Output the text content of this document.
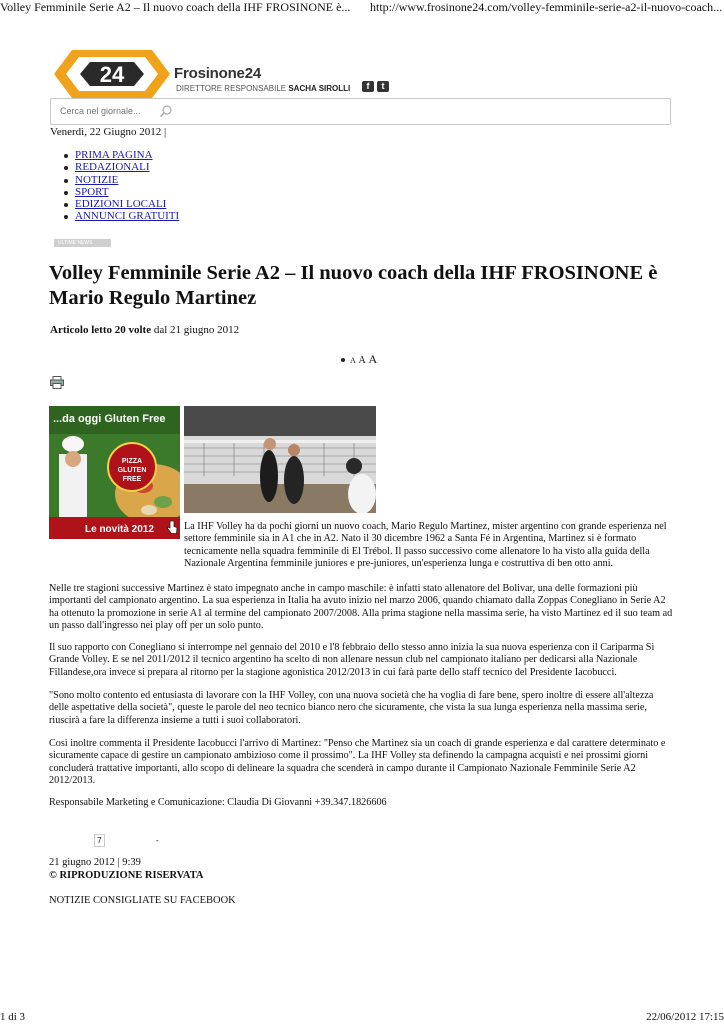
Volley Femminile Serie A2 – Il nuovo coach della IHF FROSINONE è... http://www.frosinone24.com/volley-femminile-serie-a2-il-nuovo-coach...
24	Frosinone24
DIRETTORE RESPONSABILE SACHA SIROLLI	f	t
Cerca nel giornale...
Venerdì, 22 Giugno 2012 |
PRIMA PAGINA
REDAZIONALI
NOTIZIE
SPORT
EDIZIONI LOCALI
ANNUNCI GRATUITI
ULTIME NEWS
Volley Femminile Serie A2 – Il nuovo coach della IHF FROSINONE è Mario Regulo Martinez
Articolo letto 20 volte dal 21 giugno 2012
A A A
...da oggi Gluten Free
PIZZA GLUTEN FREE
Le novità 2012	La IHF Volley ha da pochi giorni un nuovo coach, Mario Regulo Martinez, mister argentino con grande esperienza nel settore femminile sia in A1 che in A2. Nato il 30 dicembre 1962 a Santa Fé in Argentina, Martinez si è formato tecnicamente nella squadra femminile di El Trébol. Il passo successivo come allenatore lo ha visto alla guida della Nazionale Argentina femminile juniores e pre-juniores, un'esperienza lunga e costruttiva di ben otto anni.

Nelle tre stagioni successive Martinez è stato impegnato anche in campo maschile: è infatti stato allenatore del Bolivar, una delle formazioni più importanti del campionato argentino. La sua esperienza in Italia ha avuto inizio nel marzo 2006, quando chiamato dalla Zoppas Conegliano in Serie A2 ha ottenuto la promozione in serie A1 al termine del campionato 2007/2008. Alla prima stagione nella massima serie, ha visto Martinez ed il suo team ad un passo dall'ingresso nei play off per un solo punto.

Il suo rapporto con Conegliano si interrompe nel gennaio del 2010 e l'8 febbraio dello stesso anno inizia la sua nuova esperienza con il Cariparma Si Grande Volley. E se nel 2011/2012 il tecnico argentino ha scelto di non allenare nessun club nel campionato italiano per dedicarsi alla Nazionale Fillandese,ora invece si prepara al ritorno per la stagione agonistica 2012/2013 in cui farà parte dello staff tecnico del Presidente Iacobucci.

"Sono molto contento ed entusiasta di lavorare con la IHF Volley, con una nuova società che ha voglia di fare bene, spero inoltre di essere all'altezza delle aspettative della società", queste le parole del neo tecnico bianco nero che sicuramente, che vista la sua lunga esperienza nella massima serie, riuscirà a fare la differenza insieme a tutti i suoi collaboratori.

Così inoltre commenta il Presidente Iacobucci l'arrivo di Martinez: "Penso che Martinez sia un coach di grande esperienza e dal carattere determinato e sicuramente capace di gestire un campionato ambizioso come il prossimo". La IHF Volley sta definendo la campagna acquisti e nei prossimi giorni concluderà trattative importanti, allo scopo di delineare la squadra che scenderà in campo durante il Campionato Nazionale Femminile Serie A2 2012/2013.

Responsabile Marketing e Comunicazione: Claudia Di Giovanni +39.347.1826606

7	-
21 giugno 2012 | 9:39
© RIPRODUZIONE RISERVATA
NOTIZIE CONSIGLIATE SU FACEBOOK
1 di 3	22/06/2012 17:15
